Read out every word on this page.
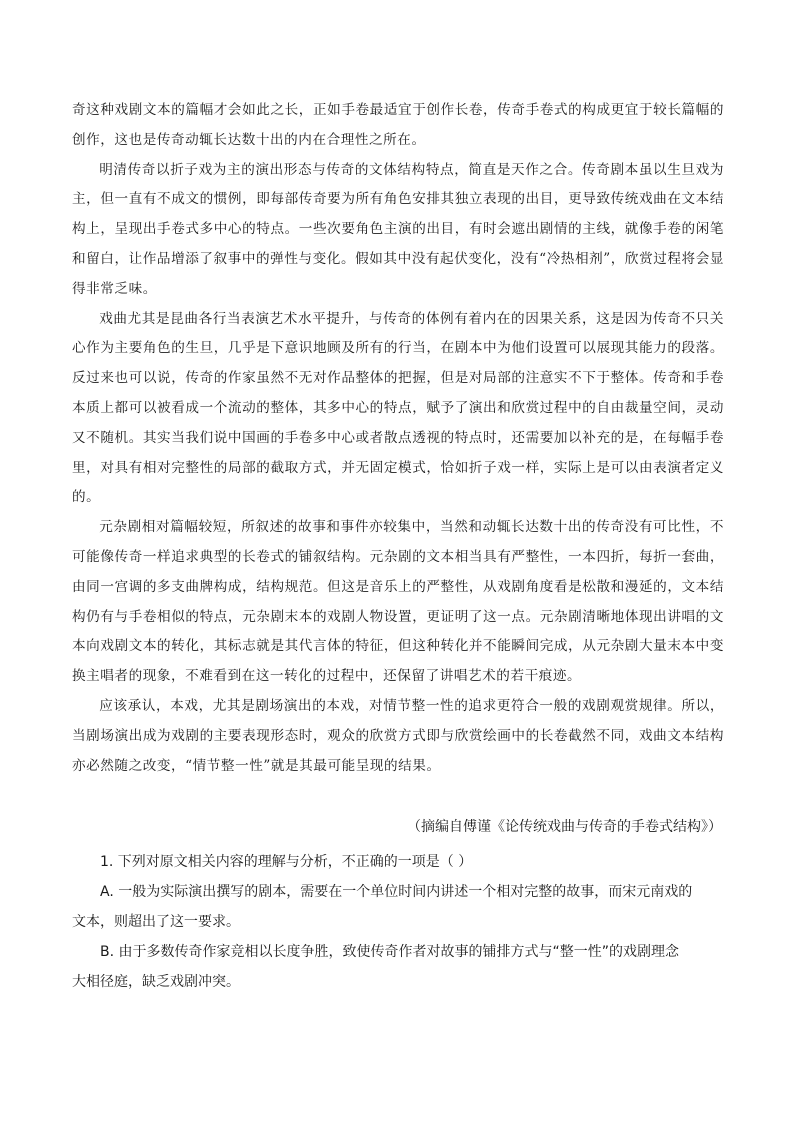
奇这种戏剧文本的篇幅才会如此之长，正如手卷最适宜于创作长卷，传奇手卷式的构成更宜于较长篇幅的创作，这也是传奇动辄长达数十出的内在合理性之所在。

明清传奇以折子戏为主的演出形态与传奇的文体结构特点，简直是天作之合。传奇剧本虽以生旦戏为主，但一直有不成文的惯例，即每部传奇要为所有角色安排其独立表现的出目，更导致传统戏曲在文本结构上，呈现出手卷式多中心的特点。一些次要角色主演的出目，有时会遮出剧情的主线，就像手卷的闲笔和留白，让作品增添了叙事中的弹性与变化。假如其中没有起伏变化，没有“冷热相剂”，欣赏过程将会显得非常乏味。

戏曲尤其是昆曲各行当表演艺术水平提升，与传奇的体例有着内在的因果关系，这是因为传奇不只关心作为主要角色的生旦，几乎是下意识地顾及所有的行当，在剧本中为他们设置可以展现其能力的段落。反过来也可以说，传奇的作家虽然不无对作品整体的把握，但是对局部的注意实不下于整体。传奇和手卷本质上都可以被看成一个流动的整体，其多中心的特点，赋予了演出和欣赏过程中的自由裁量空间，灵动又不随机。其实当我们说中国画的手卷多中心或者散点透视的特点时，还需要加以补充的是，在每幅手卷里，对具有相对完整性的局部的截取方式，并无固定模式，恰如折子戏一样，实际上是可以由表演者定义的。

元杂剧相对篇幅较短，所叙述的故事和事件亦较集中，当然和动辄长达数十出的传奇没有可比性，不可能像传奇一样追求典型的长卷式的铺叙结构。元杂剧的文本相当具有严整性，一本四折，每折一套曲，由同一宫调的多支曲牌构成，结构规范。但这是音乐上的严整性，从戏剧角度看是松散和漫延的，文本结构仍有与手卷相似的特点，元杂剧末本的戏剧人物设置，更证明了这一点。元杂剧清晰地体现出讲唱的文本向戏剧文本的转化，其标志就是其代言体的特征，但这种转化并不能瞬间完成，从元杂剧大量末本中变换主唱者的现象，不难看到在这一转化的过程中，还保留了讲唱艺术的若干痕迹。

应该承认，本戏，尤其是剧场演出的本戏，对情节整一性的追求更符合一般的戏剧观赏规律。所以，当剧场演出成为戏剧的主要表现形态时，观众的欣赏方式即与欣赏绘画中的长卷截然不同，戏曲文本结构亦必然随之改变，“情节整一性”就是其最可能呈现的结果。

（摘编自傅谨《论传统戏曲与传奇的手卷式结构》）

1. 下列对原文相关内容的理解与分析，不正确的一项是（ ）

A. 一般为实际演出撰写的剧本，需要在一个单位时间内讲述一个相对完整的故事，而宋元南戏的

文本，则超出了这一要求。

B. 由于多数传奇作家竞相以长度争胜，致使传奇作者对故事的铺排方式与“整一性”的戏剧理念

大相径庭，缺乏戏剧冲突。
